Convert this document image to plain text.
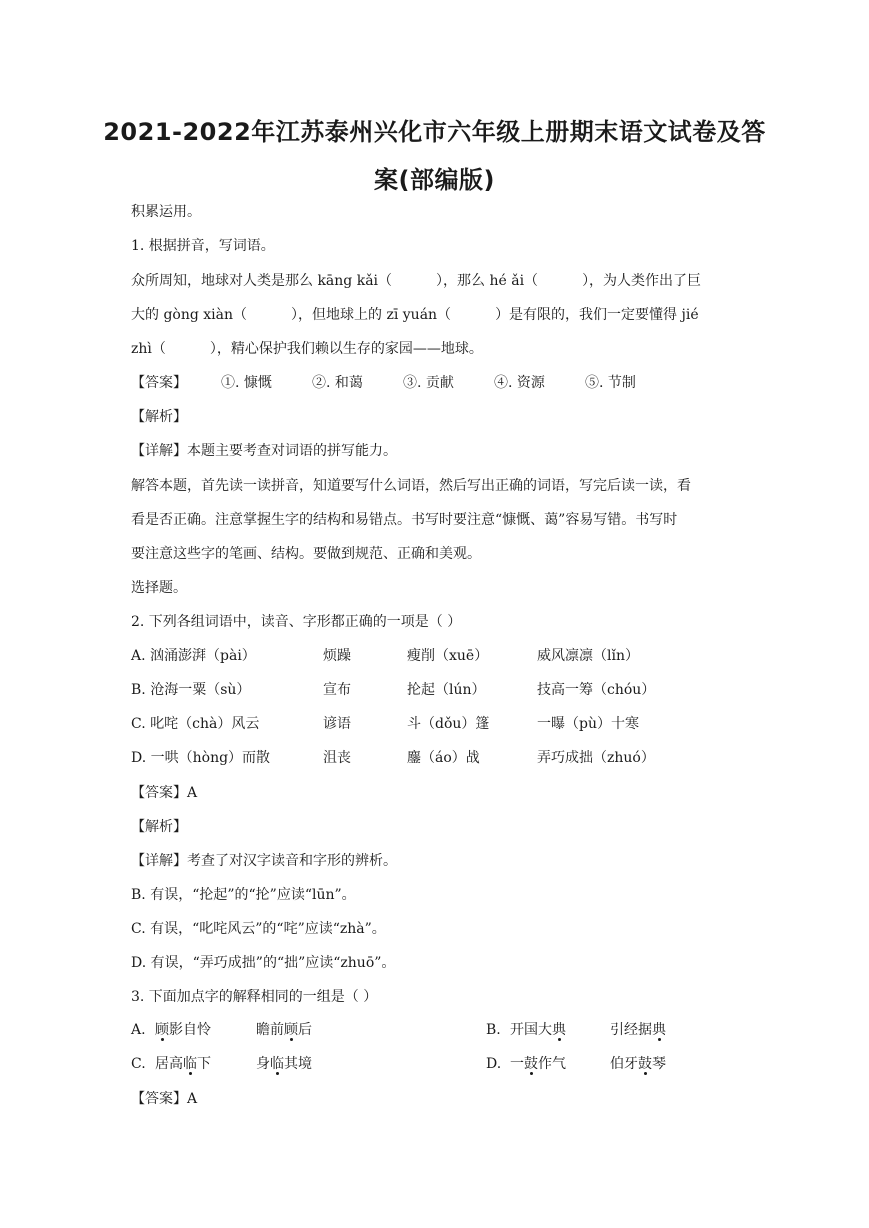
2021-2022年江苏泰州兴化市六年级上册期末语文试卷及答
案(部编版)
积累运用。
1. 根据拼音，写词语。
众所周知，地球对人类是那么 kāng kǎi（	），那么 hé ǎi（	），为人类作出了巨
大的 gòng xiàn（	），但地球上的 zī yuán（	）是有限的，我们一定要懂得 jié
zhì（	），精心保护我们赖以生存的家园——地球。
【答案】 ①. 慷慨	②. 和蔼	③. 贡献	④. 资源	⑤. 节制
【解析】
【详解】本题主要考查对词语的拼写能力。
解答本题，首先读一读拼音，知道要写什么词语，然后写出正确的词语，写完后读一读，看
看是否正确。注意掌握生字的结构和易错点。书写时要注意“慷慨、蔼”容易写错。书写时
要注意这些字的笔画、结构。要做到规范、正确和美观。
选择题。
2. 下列各组词语中，读音、字形都正确的一项是（ ）
A. 汹涌澎湃（pài）	烦躁	瘦削（xuē）	威风凛凛（lǐn）
B. 沧海一粟（sù）	宣布	抡起（lún）	技高一筹（chóu）
C. 叱咤（chà）风云	谚语	斗（dǒu）篷	一曝（pù）十寒
D. 一哄（hòng）而散	沮丧	鏖（áo）战	弄巧成拙（zhuó）
【答案】A
【解析】
【详解】考查了对汉字读音和字形的辨析。
B. 有误，“抡起”的“抡”应读“lūn”。
C. 有误，“叱咤风云”的“咤”应读“zhà”。
D. 有误，“弄巧成拙”的“拙”应读“zhuō”。
3. 下面加点字的解释相同的一组是（ ）
A. 顾影自怜	瞻前顾后	B. 开国大典	引经据典
C. 居高临下	身临其境	D. 一鼓作气	伯牙鼓琴
【答案】A
